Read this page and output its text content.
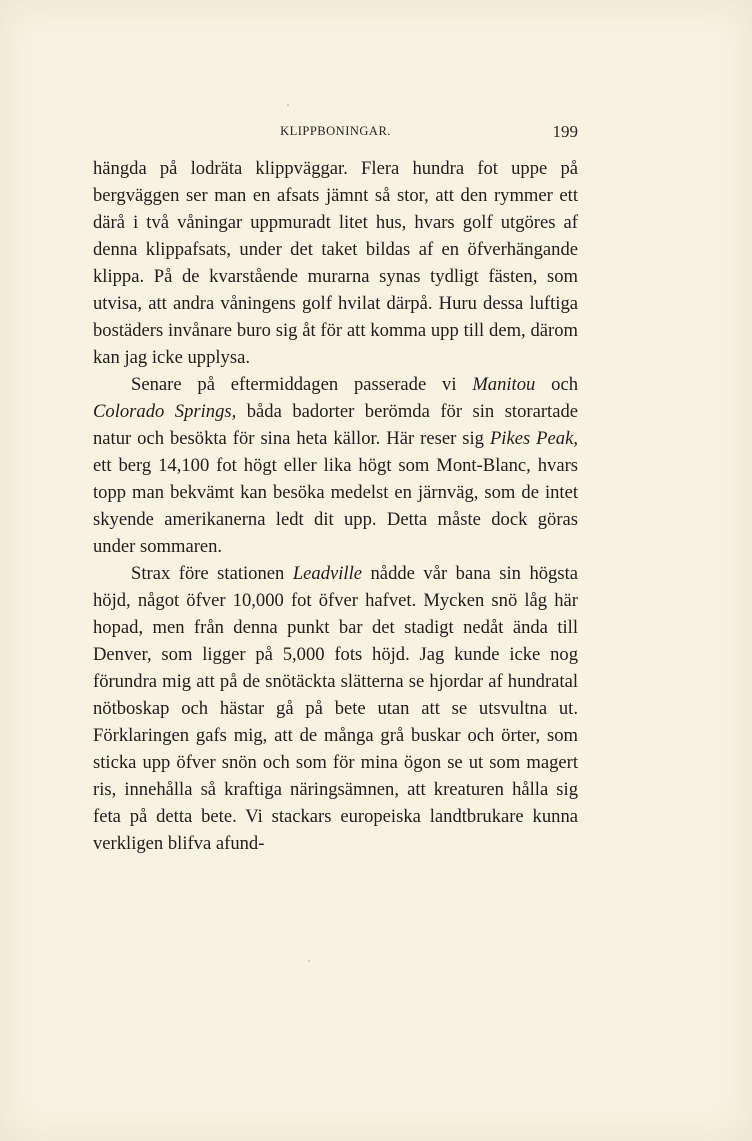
KLIPPBONINGAR.	199

hängda på lodräta klippväggar. Flera hundra fot uppe på bergväggen ser man en afsats jämnt så stor, att den rymmer ett därå i två våningar uppmuradt litet hus, hvars golf utgöres af denna klippafsats, under det taket bildas af en öfverhängande klippa. På de kvarstående murarna synas tydligt fästen, som utvisa, att andra våningens golf hvilat därpå. Huru dessa luftiga bostäders invånare buro sig åt för att komma upp till dem, därom kan jag icke upplysa.

Senare på eftermiddagen passerade vi Manitou och Colorado Springs, båda badorter berömda för sin storartade natur och besökta för sina heta källor. Här reser sig Pikes Peak, ett berg 14,100 fot högt eller lika högt som Mont-Blanc, hvars topp man bekvämt kan besöka medelst en järnväg, som de intet skyende amerikanerna ledt dit upp. Detta måste dock göras under sommaren.

Strax före stationen Leadville nådde vår bana sin högsta höjd, något öfver 10,000 fot öfver hafvet. Mycken snö låg här hopad, men från denna punkt bar det stadigt nedåt ända till Denver, som ligger på 5,000 fots höjd. Jag kunde icke nog förundra mig att på de snötäckta slätterna se hjordar af hundratal nötboskap och hästar gå på bete utan att se utsvultna ut. Förklaringen gafs mig, att de många grå buskar och örter, som sticka upp öfver snön och som för mina ögon se ut som magert ris, innehålla så kraftiga näringsämnen, att kreaturen hålla sig feta på detta bete. Vi stackars europeiska landtbrukare kunna verkligen blifva afund-
